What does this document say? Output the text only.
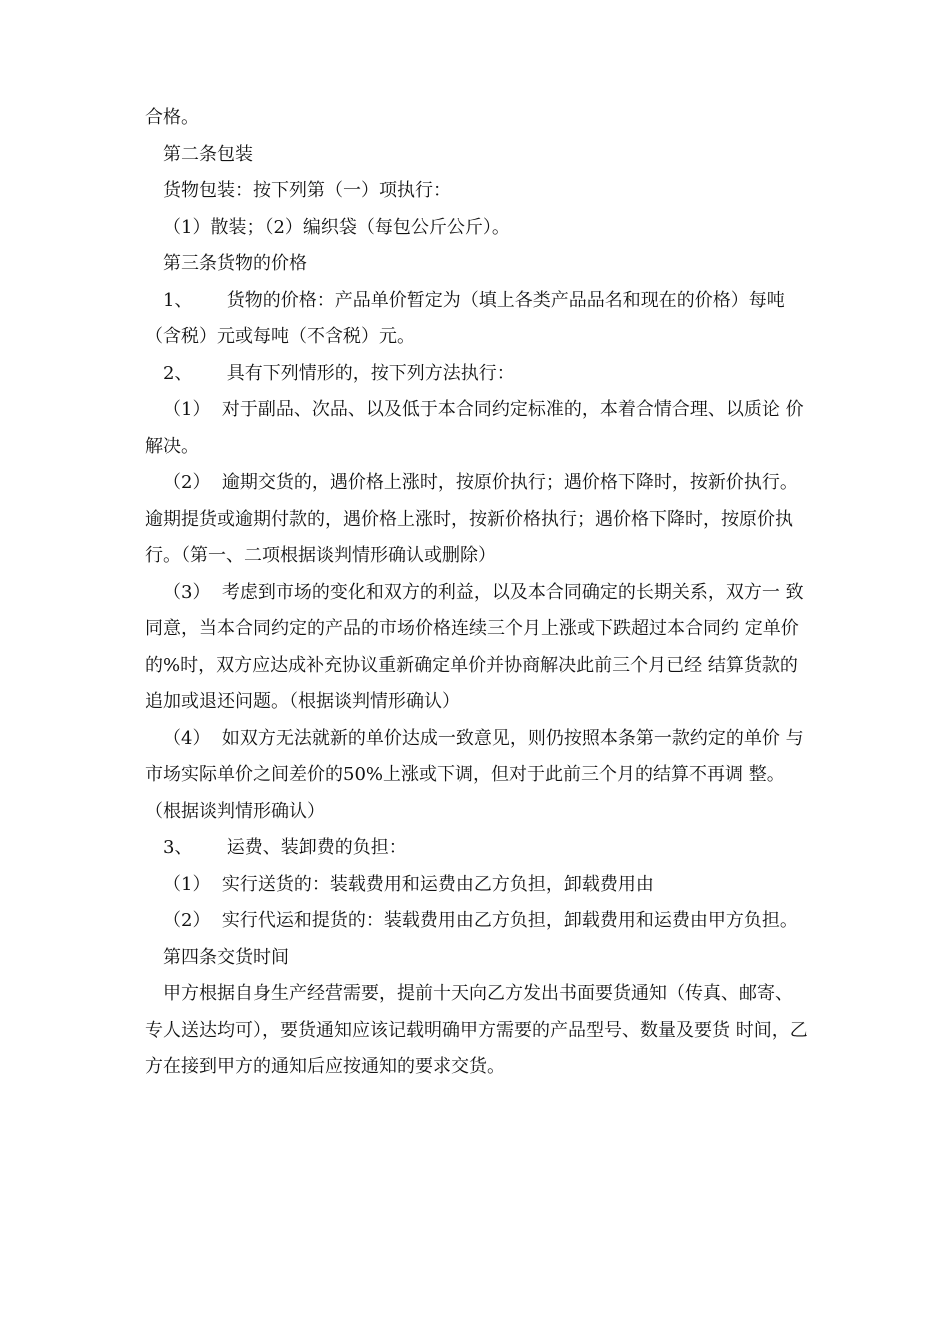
合格。

第二条包装

货物包装：按下列第（一）项执行：

（1）散装；（2）编织袋（每包公斤公斤）。

第三条货物的价格

1、      货物的价格：产品单价暂定为（填上各类产品品名和现在的价格）每吨 （含税）元或每吨（不含税）元。

2、      具有下列情形的，按下列方法执行：

（1）  对于副品、次品、以及低于本合同约定标准的，本着合情合理、以质论 价解决。

（2）  逾期交货的，遇价格上涨时，按原价执行；遇价格下降时，按新价执行。逾期提货或逾期付款的，遇价格上涨时，按新价格执行；遇价格下降时，按原价执行。（第一、二项根据谈判情形确认或删除）

（3）  考虑到市场的变化和双方的利益，以及本合同确定的长期关系，双方一 致同意，当本合同约定的产品的市场价格连续三个月上涨或下跌超过本合同约 定单价的%时，双方应达成补充协议重新确定单价并协商解决此前三个月已经 结算货款的追加或退还问题。（根据谈判情形确认）

（4）  如双方无法就新的单价达成一致意见，则仍按照本条第一款约定的单价 与市场实际单价之间差价的50%上涨或下调，但对于此前三个月的结算不再调 整。（根据谈判情形确认）

3、      运费、装卸费的负担：

（1）  实行送货的：装载费用和运费由乙方负担，卸载费用由

（2）  实行代运和提货的：装载费用由乙方负担，卸载费用和运费由甲方负担。

第四条交货时间

甲方根据自身生产经营需要，提前十天向乙方发出书面要货通知（传真、邮寄、专人送达均可），要货通知应该记载明确甲方需要的产品型号、数量及要货 时间，乙方在接到甲方的通知后应按通知的要求交货。
